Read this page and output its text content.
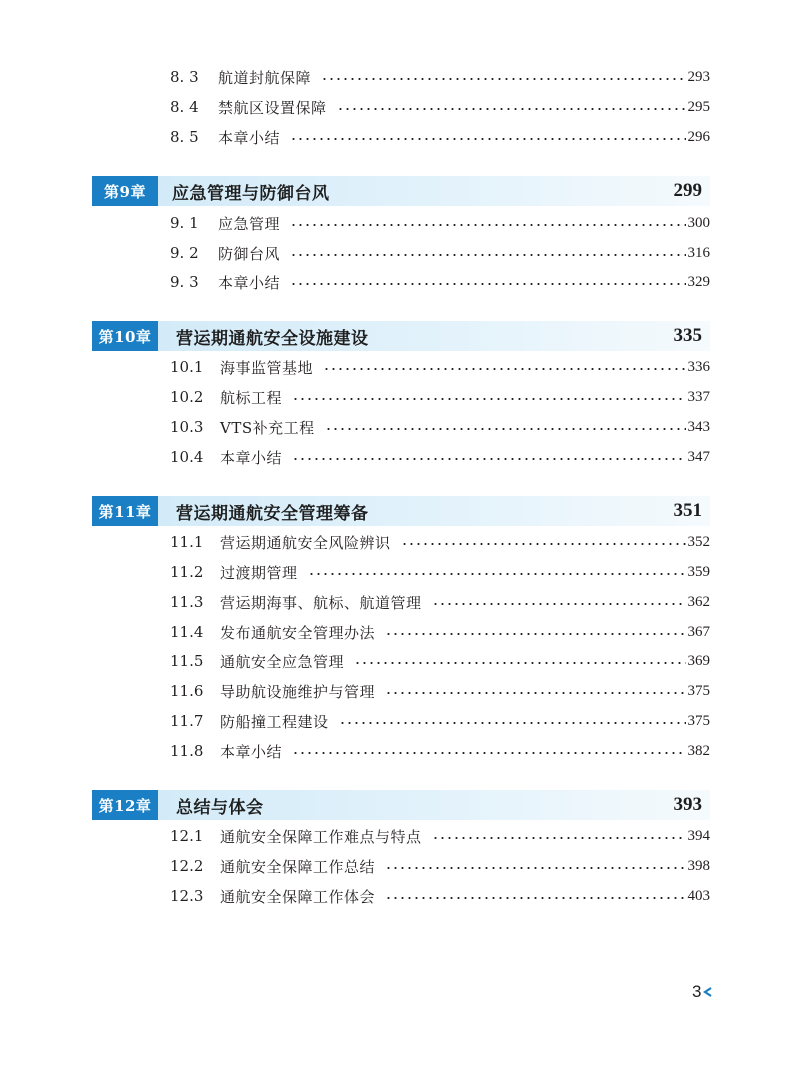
8. 3	航道封航保障	293
8. 4	禁航区设置保障	295
8. 5	本章小结	296
第9章	应急管理与防御台风	299
9. 1	应急管理	300
9. 2	防御台风	316
9. 3	本章小结	329
第10章	营运期通航安全设施建设	335
10.1	海事监管基地	336
10.2	航标工程	337
10.3	VTS补充工程	343
10.4	本章小结	347
第11章	营运期通航安全管理筹备	351
11.1	营运期通航安全风险辨识	352
11.2	过渡期管理	359
11.3	营运期海事、航标、航道管理	362
11.4	发布通航安全管理办法	367
11.5	通航安全应急管理	369
11.6	导助航设施维护与管理	375
11.7	防船撞工程建设	375
11.8	本章小结	382
第12章	总结与体会	393
12.1	通航安全保障工作难点与特点	394
12.2	通航安全保障工作总结	398
12.3	通航安全保障工作体会	403
3
